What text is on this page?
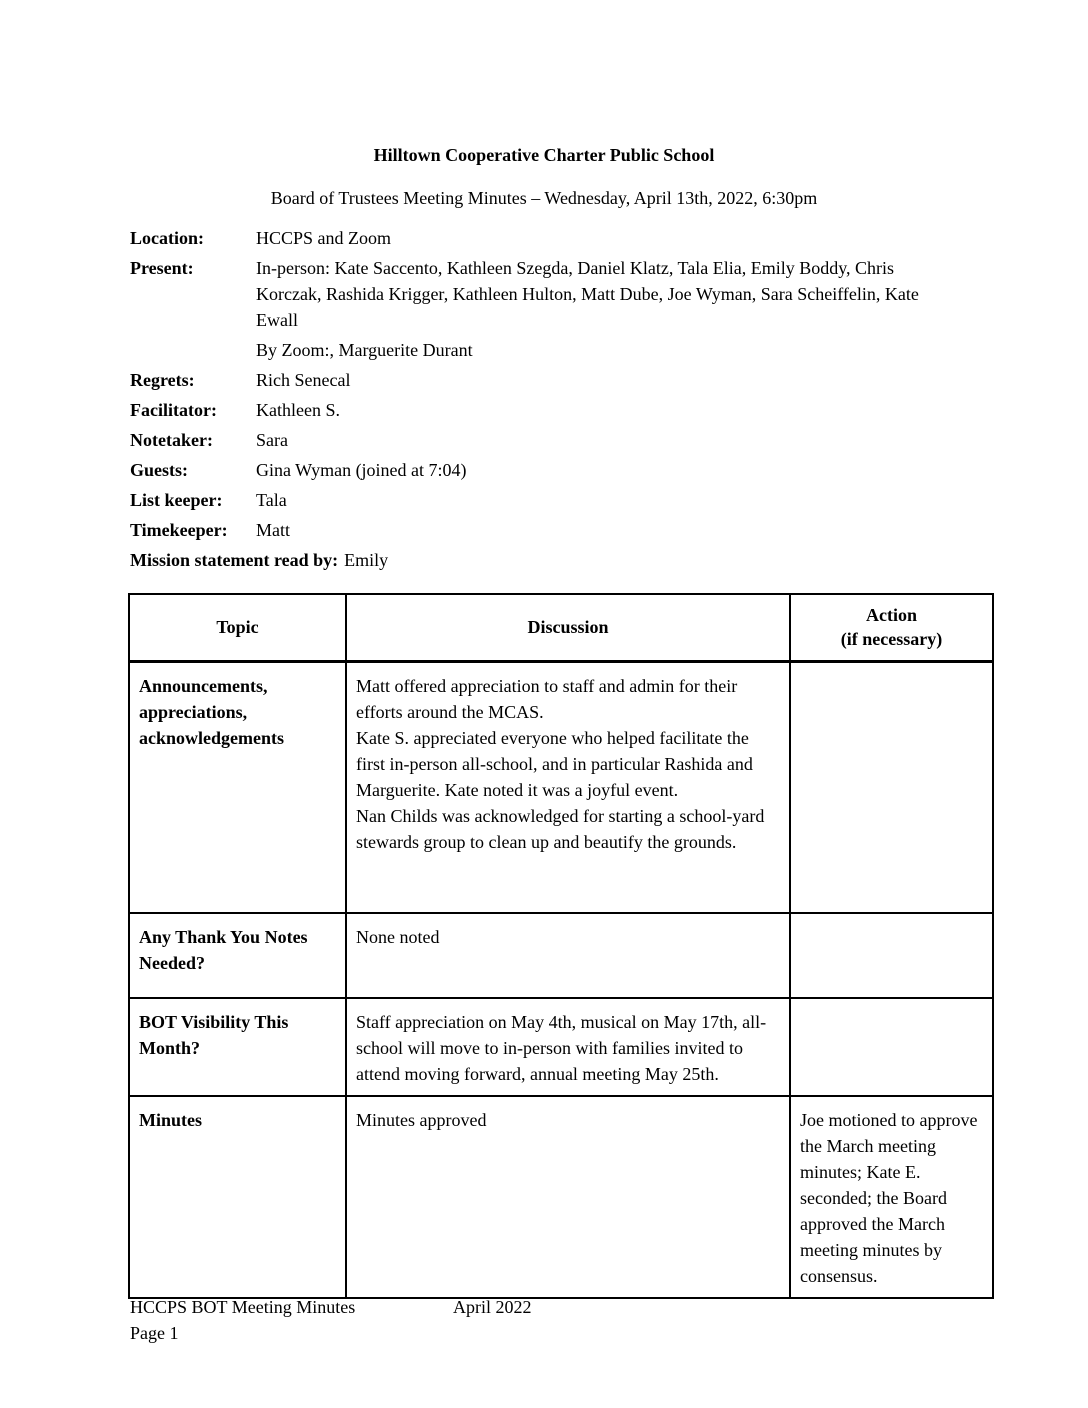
Hilltown Cooperative Charter Public School
Board of Trustees Meeting Minutes – Wednesday, April 13th, 2022, 6:30pm
Location:	HCCPS and Zoom
Present:	In-person: Kate Saccento, Kathleen Szegda, Daniel Klatz, Tala Elia, Emily Boddy, Chris Korczak, Rashida Krigger, Kathleen Hulton, Matt Dube, Joe Wyman, Sara Scheiffelin, Kate Ewall
By Zoom:, Marguerite Durant
Regrets:	Rich Senecal
Facilitator:	Kathleen S.
Notetaker:	Sara
Guests:	Gina Wyman (joined at 7:04)
List keeper:	Tala
Timekeeper:	Matt
Mission statement read by: Emily
Topic	Discussion	Action
(if necessary)

Announcements, appreciations, acknowledgements	Matt offered appreciation to staff and admin for their efforts around the MCAS.

Kate S. appreciated everyone who helped facilitate the first in-person all-school, and in particular Rashida and Marguerite. Kate noted it was a joyful event.

Nan Childs was acknowledged for starting a school-yard stewards group to clean up and beautify the grounds.	

Any Thank You Notes Needed?	None noted	

BOT Visibility This Month?	Staff appreciation on May 4th, musical on May 17th, all-school will move to in-person with families invited to attend moving forward, annual meeting May 25th.	

Minutes	Minutes approved	Joe motioned to approve the March meeting minutes; Kate E. seconded; the Board approved the March meeting minutes by consensus.
HCCPS BOT Meeting Minutes	April 2022
Page 1
